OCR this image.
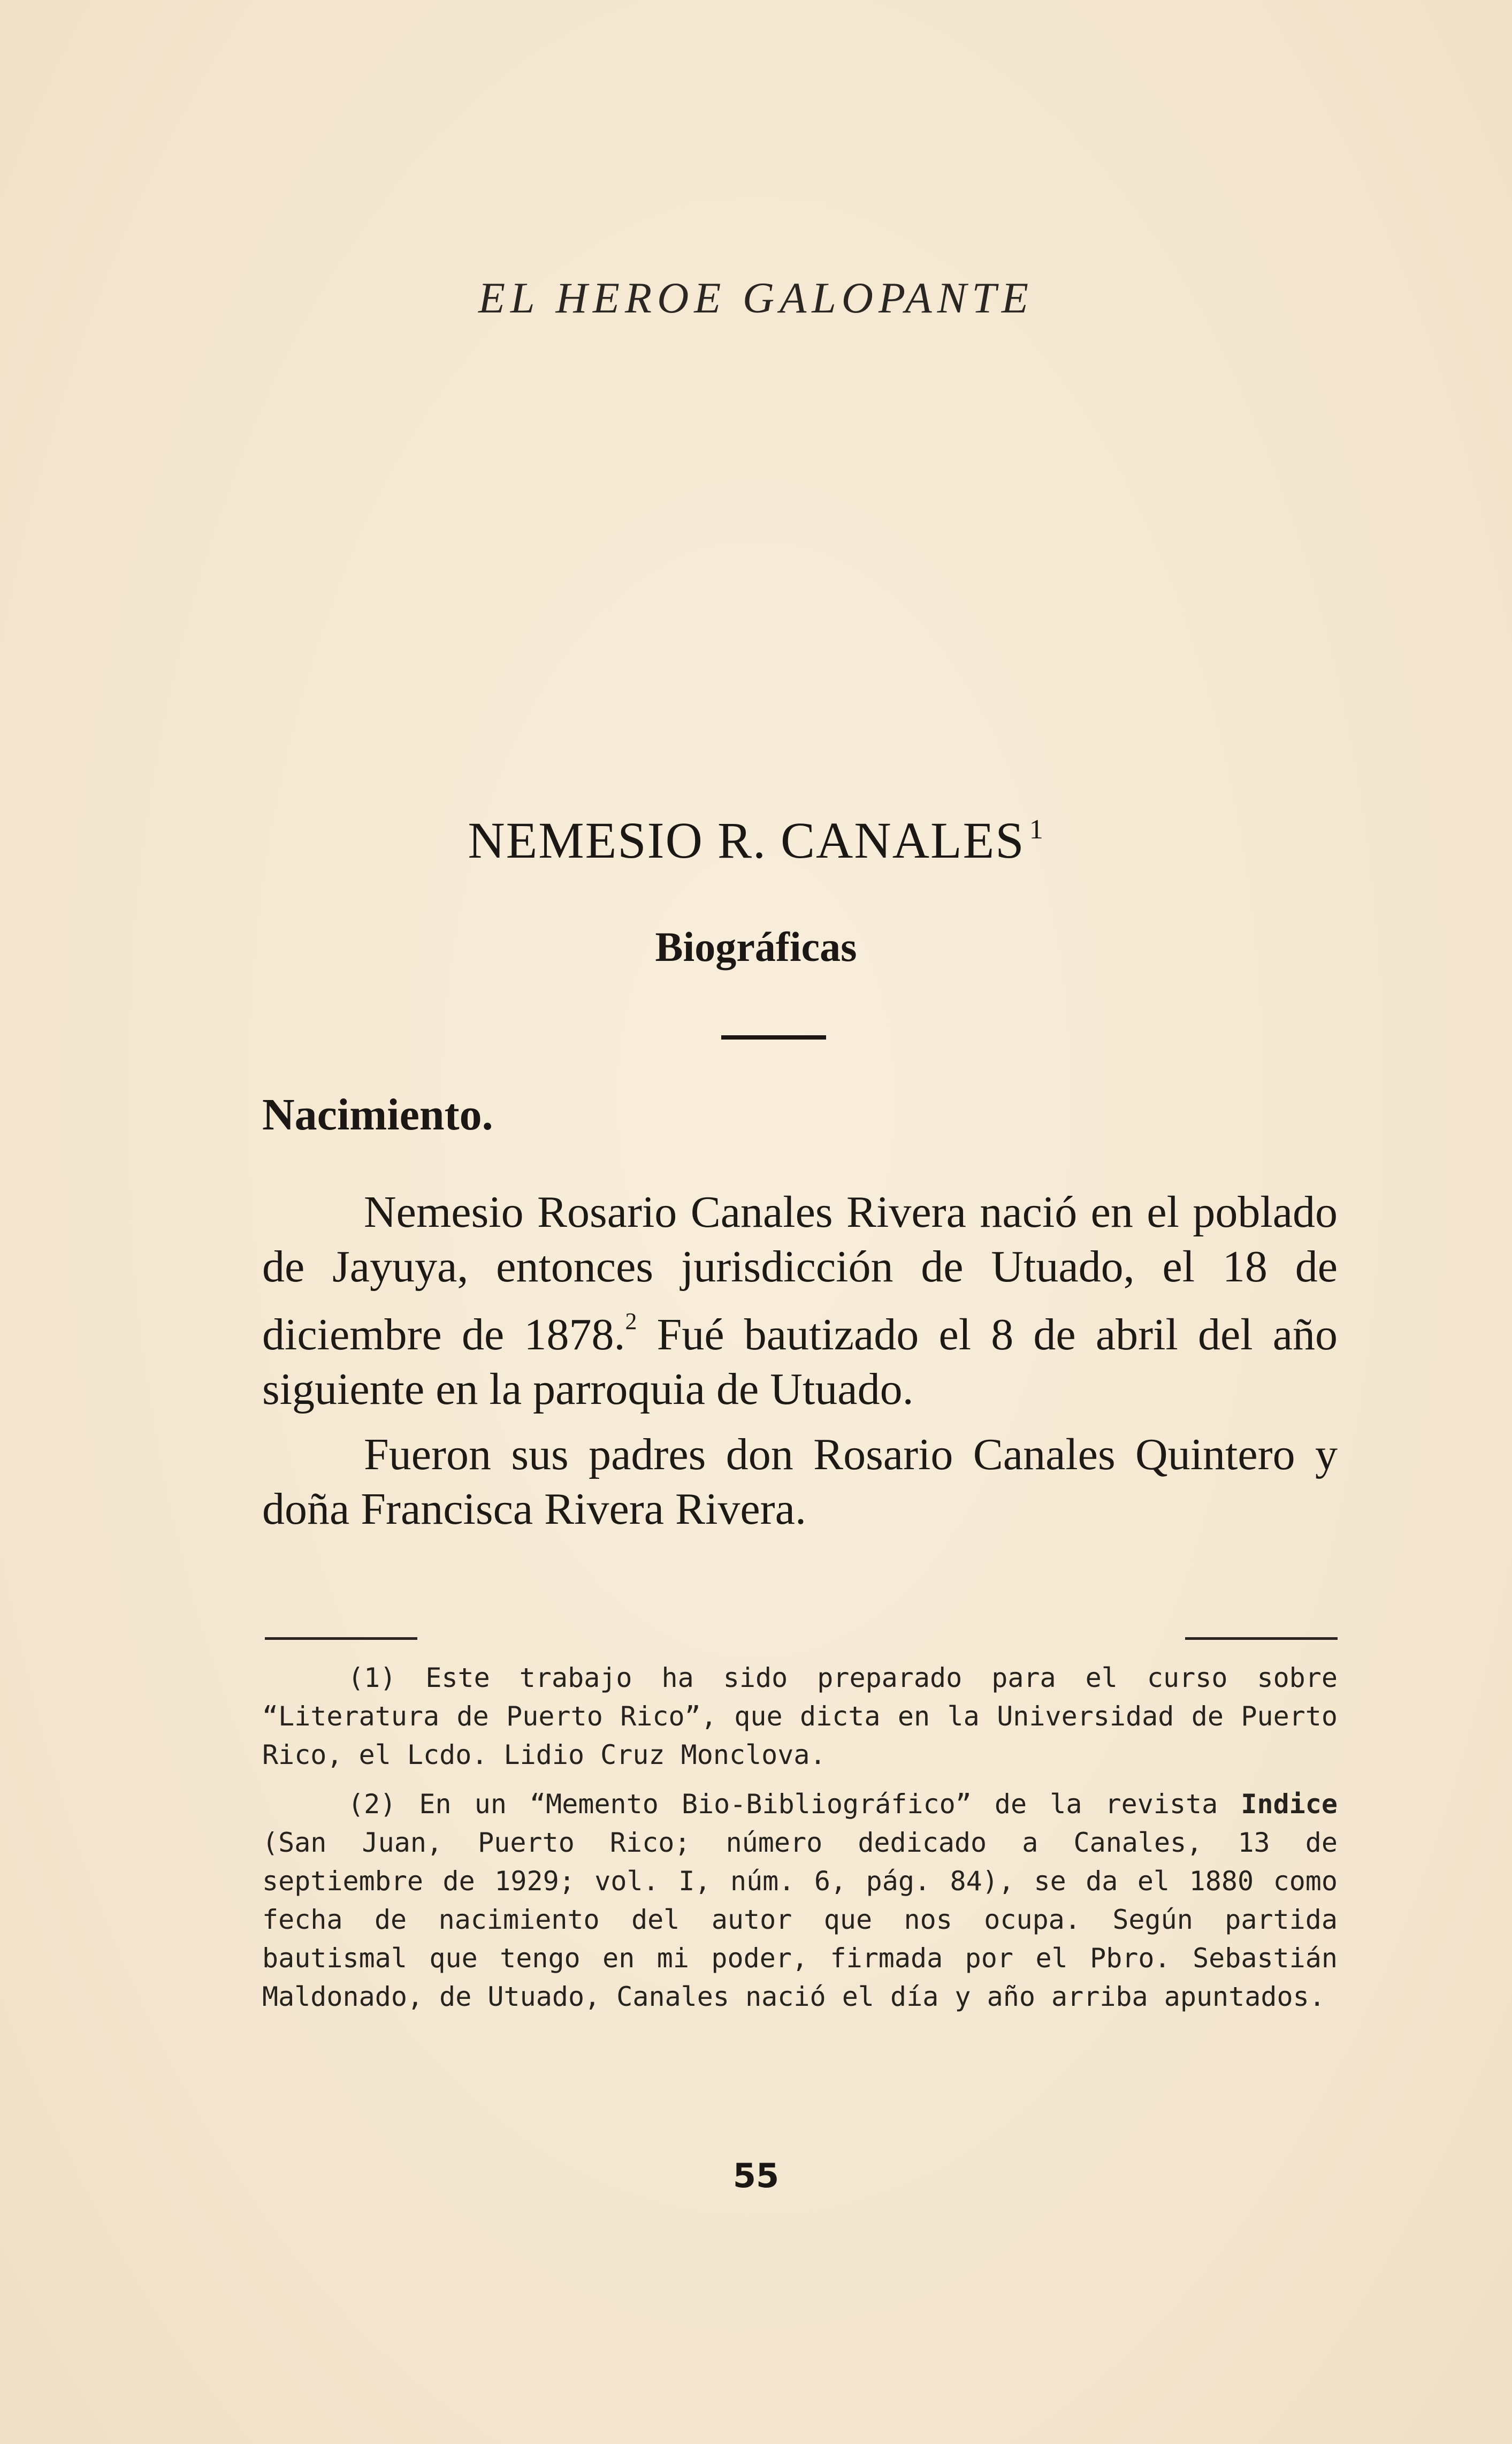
EL HEROE GALOPANTE
NEMESIO R. CANALES $^1$
Biográficas
Nacimiento.

Nemesio Rosario Canales Rivera nació en el poblado de Jayuya, entonces jurisdicción de Utuado, el 18 de diciembre de 1878.$^2$ Fué bautizado el 8 de abril del año siguiente en la parroquia de Utuado.

Fueron sus padres don Rosario Canales Quintero y doña Francisca Rivera Rivera.

(1) Este trabajo ha sido preparado para el curso sobre “Literatura de Puerto Rico”, que dicta en la Universidad de Puerto Rico, el Lcdo. Lidio Cruz Monclova.

(2) En un “Memento Bio-Bibliográfico” de la revista Indice (San Juan, Puerto Rico; número dedicado a Canales, 13 de septiembre de 1929; vol. I, núm. 6, pág. 84), se da el 1880 como fecha de nacimiento del autor que nos ocupa. Según partida bautismal que tengo en mi poder, firmada por el Pbro. Sebastián Maldonado, de Utuado, Canales nació el día y año arriba apuntados.

55
